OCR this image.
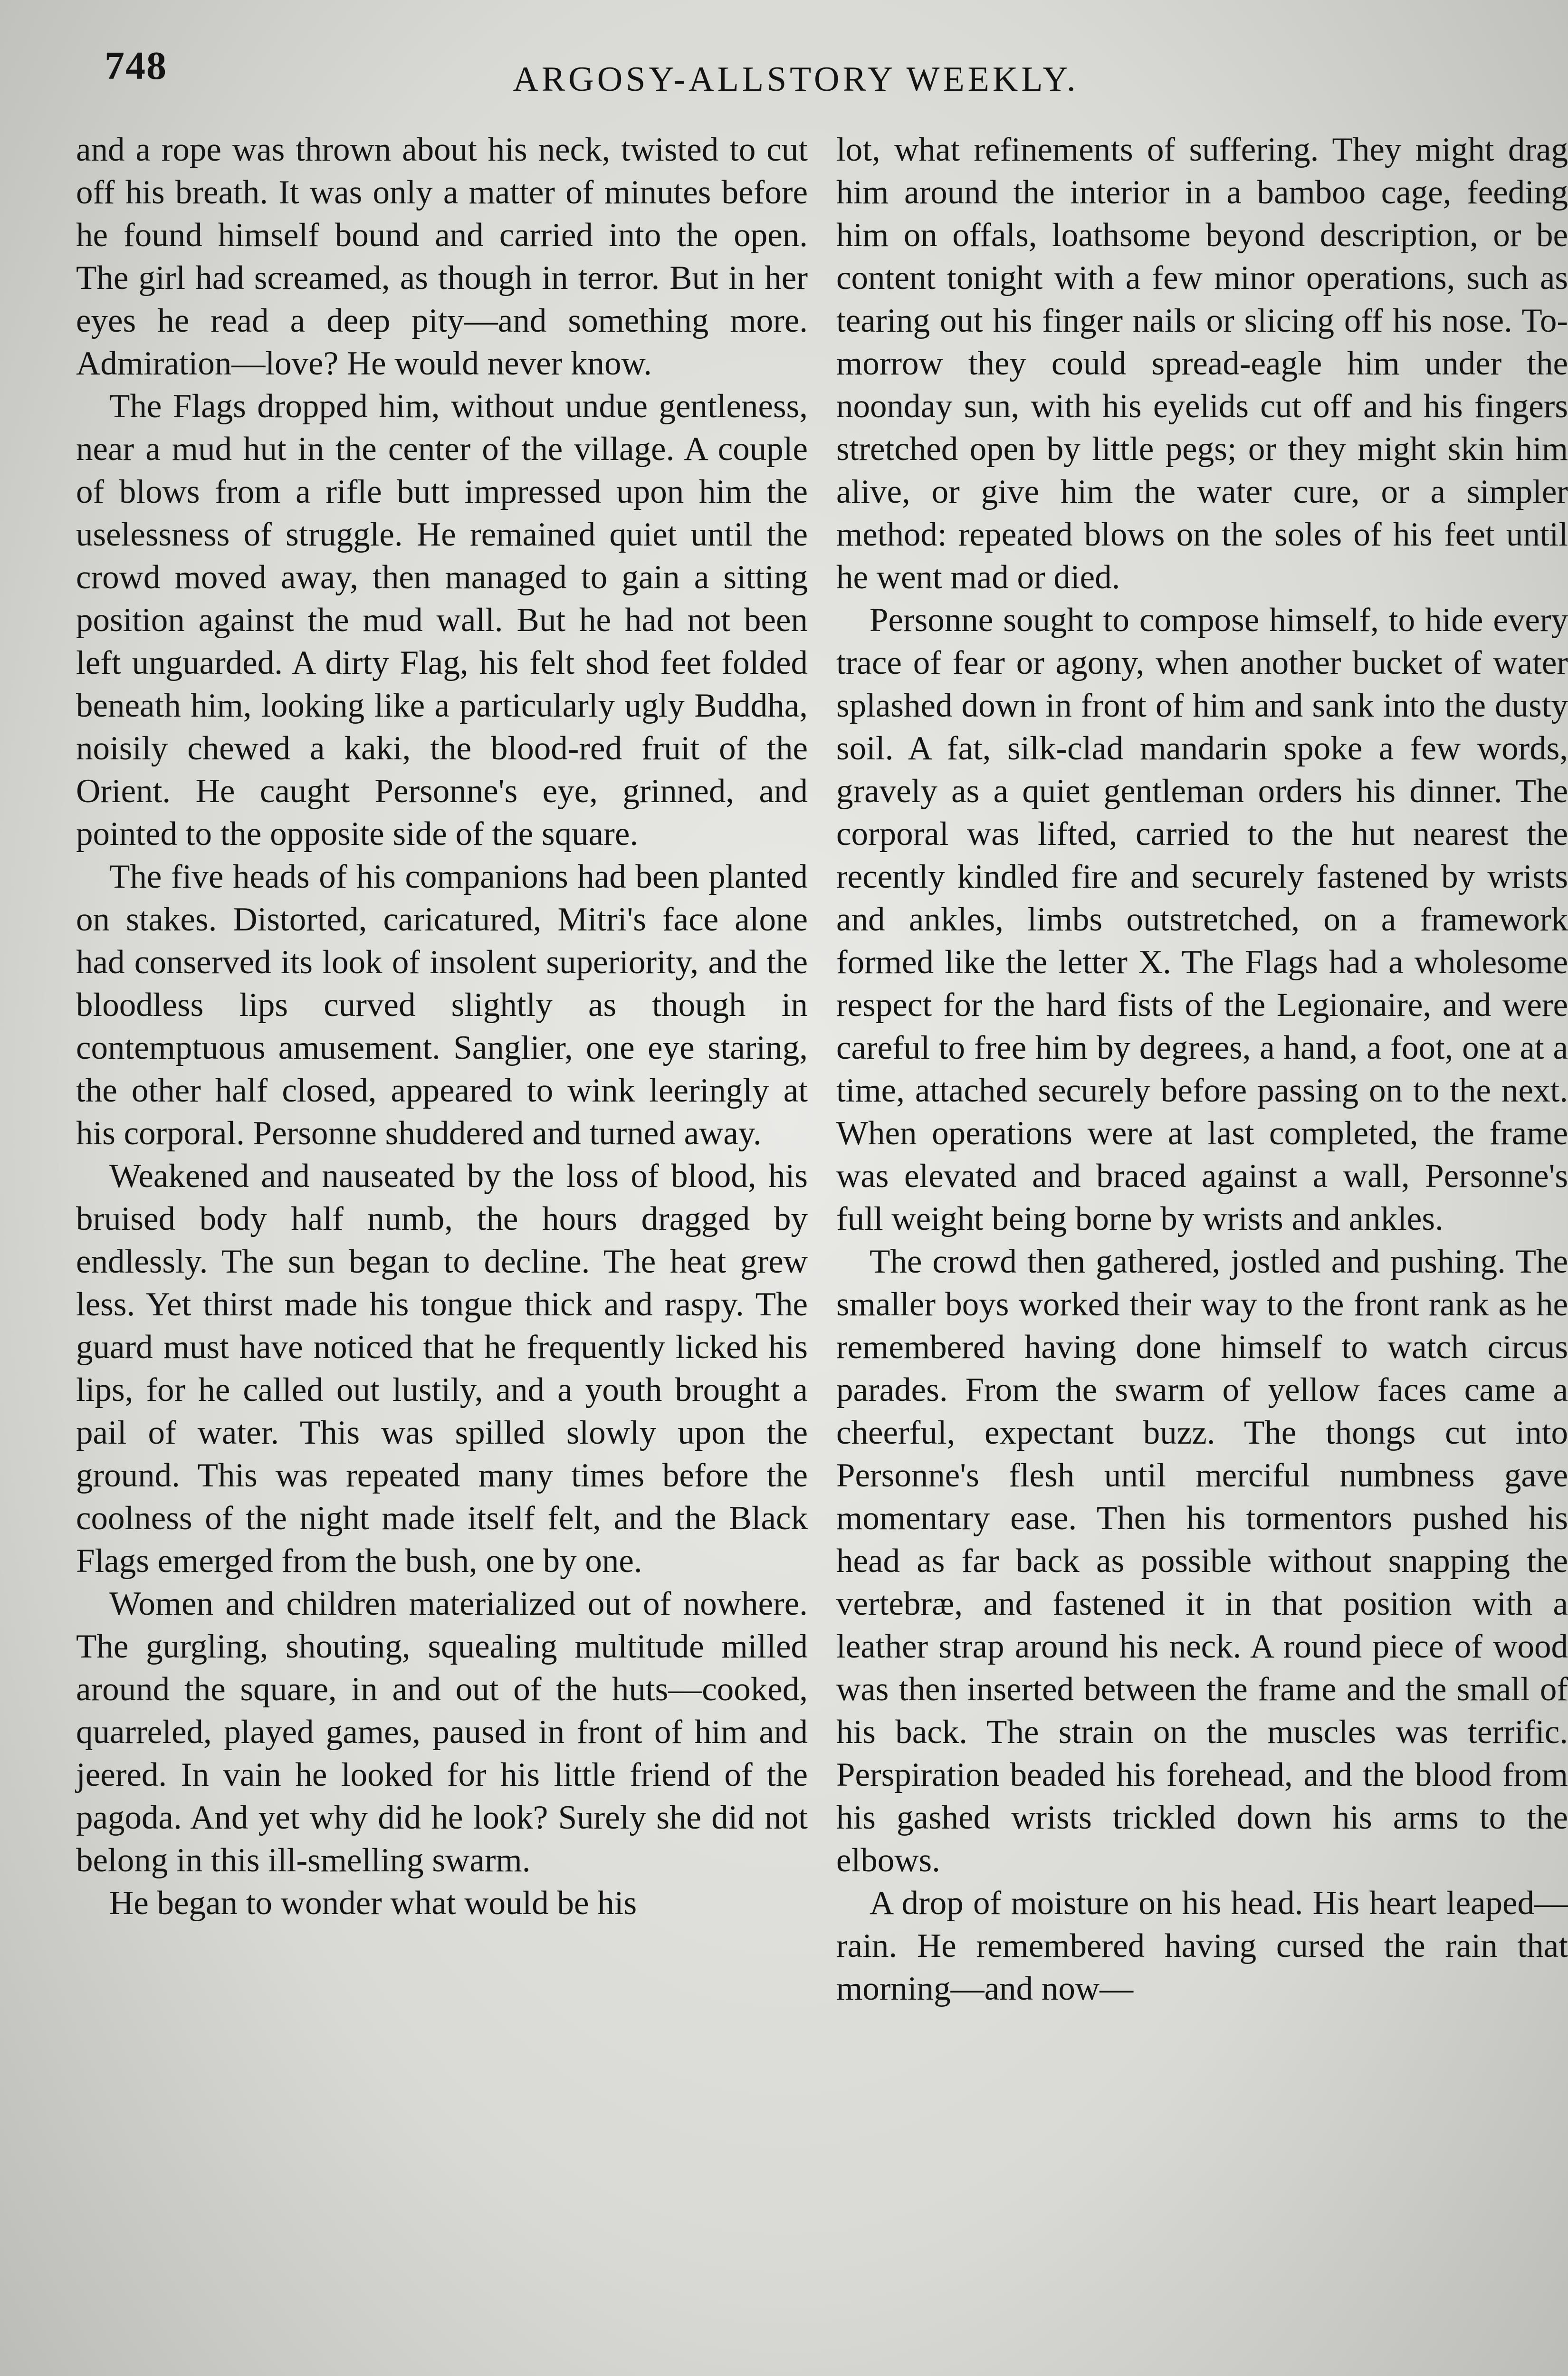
748	ARGOSY-ALLSTORY WEEKLY.

and a rope was thrown about his neck, twisted to cut off his breath. It was only a matter of minutes before he found himself bound and carried into the open. The girl had screamed, as though in terror. But in her eyes he read a deep pity—and something more. Admiration—love? He would never know.

The Flags dropped him, without undue gentleness, near a mud hut in the center of the village. A couple of blows from a rifle butt impressed upon him the uselessness of struggle. He remained quiet until the crowd moved away, then managed to gain a sitting position against the mud wall. But he had not been left unguarded. A dirty Flag, his felt shod feet folded beneath him, looking like a particularly ugly Buddha, noisily chewed a kaki, the blood-red fruit of the Orient. He caught Personne's eye, grinned, and pointed to the opposite side of the square.

The five heads of his companions had been planted on stakes. Distorted, caricatured, Mitri's face alone had conserved its look of insolent superiority, and the bloodless lips curved slightly as though in contemptuous amusement. Sanglier, one eye staring, the other half closed, appeared to wink leeringly at his corporal. Personne shuddered and turned away.

Weakened and nauseated by the loss of blood, his bruised body half numb, the hours dragged by endlessly. The sun began to decline. The heat grew less. Yet thirst made his tongue thick and raspy. The guard must have noticed that he frequently licked his lips, for he called out lustily, and a youth brought a pail of water. This was spilled slowly upon the ground. This was repeated many times before the coolness of the night made itself felt, and the Black Flags emerged from the bush, one by one.

Women and children materialized out of nowhere. The gurgling, shouting, squealing multitude milled around the square, in and out of the huts—cooked, quarreled, played games, paused in front of him and jeered. In vain he looked for his little friend of the pagoda. And yet why did he look? Surely she did not belong in this ill-smelling swarm.

He began to wonder what would be his

lot, what refinements of suffering. They might drag him around the interior in a bamboo cage, feeding him on offals, loathsome beyond description, or be content tonight with a few minor operations, such as tearing out his finger nails or slicing off his nose. To-morrow they could spread-eagle him under the noonday sun, with his eyelids cut off and his fingers stretched open by little pegs; or they might skin him alive, or give him the water cure, or a simpler method: repeated blows on the soles of his feet until he went mad or died.

Personne sought to compose himself, to hide every trace of fear or agony, when another bucket of water splashed down in front of him and sank into the dusty soil. A fat, silk-clad mandarin spoke a few words, gravely as a quiet gentleman orders his dinner. The corporal was lifted, carried to the hut nearest the recently kindled fire and securely fastened by wrists and ankles, limbs outstretched, on a framework formed like the letter X. The Flags had a wholesome respect for the hard fists of the Legionaire, and were careful to free him by degrees, a hand, a foot, one at a time, attached securely before passing on to the next. When operations were at last completed, the frame was elevated and braced against a wall, Personne's full weight being borne by wrists and ankles.

The crowd then gathered, jostled and pushing. The smaller boys worked their way to the front rank as he remembered having done himself to watch circus parades. From the swarm of yellow faces came a cheerful, expectant buzz. The thongs cut into Personne's flesh until merciful numbness gave momentary ease. Then his tormentors pushed his head as far back as possible without snapping the vertebræ, and fastened it in that position with a leather strap around his neck. A round piece of wood was then inserted between the frame and the small of his back. The strain on the muscles was terrific. Perspiration beaded his forehead, and the blood from his gashed wrists trickled down his arms to the elbows.

A drop of moisture on his head. His heart leaped—rain. He remembered having cursed the rain that morning—and now—
